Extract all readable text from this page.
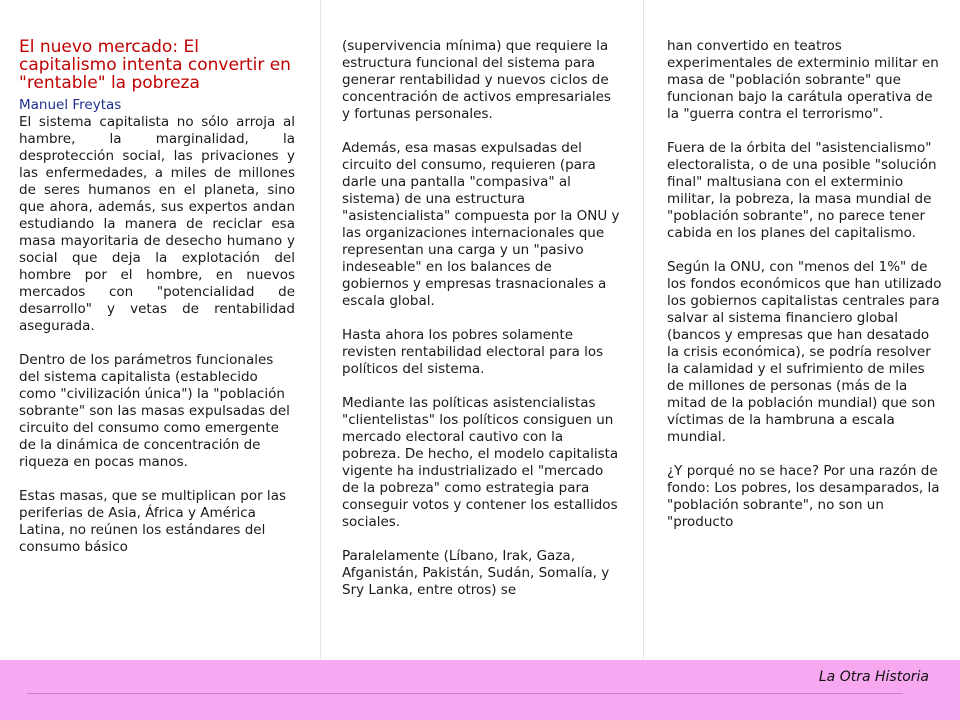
El nuevo mercado: El capitalismo intenta convertir en "rentable" la pobreza
Manuel Freytas

El sistema capitalista no sólo arroja al hambre, la marginalidad, la desprotección social, las privaciones y las enfermedades, a miles de millones de seres humanos en el planeta, sino que ahora, además, sus expertos andan estudiando la manera de reciclar esa masa mayoritaria de desecho humano y social que deja la explotación del hombre por el hombre, en nuevos mercados con "potencialidad de desarrollo" y vetas de rentabilidad asegurada.

Dentro de los parámetros funcionales del sistema capitalista (establecido como "civilización única") la "población sobrante" son las masas expulsadas del circuito del consumo como emergente de la dinámica de concentración de riqueza en pocas manos.

Estas masas, que se multiplican por las periferias de Asia, África y América Latina, no reúnen los estándares del consumo básico

(supervivencia mínima) que requiere la estructura funcional del sistema para generar rentabilidad y nuevos ciclos de concentración de activos empresariales y fortunas personales.

Además, esa masas expulsadas del circuito del consumo, requieren (para darle una pantalla "compasiva" al sistema) de una estructura "asistencialista" compuesta por la ONU y las organizaciones internacionales que representan una carga y un "pasivo indeseable" en los balances de gobiernos y empresas trasnacionales a escala global.

Hasta ahora los pobres solamente revisten rentabilidad electoral para los políticos del sistema.

Mediante las políticas asistencialistas "clientelistas" los políticos consiguen un mercado electoral cautivo con la pobreza. De hecho, el modelo capitalista vigente ha industrializado el "mercado de la pobreza" como estrategia para conseguir votos y contener los estallidos sociales.

Paralelamente (Líbano, Irak, Gaza, Afganistán, Pakistán, Sudán, Somalía, y Sry Lanka, entre otros) se

han convertido en teatros experimentales de exterminio militar en masa de "población sobrante" que funcionan bajo la carátula operativa de la "guerra contra el terrorismo".

Fuera de la órbita del "asistencialismo" electoralista, o de una posible "solución final" maltusiana con el exterminio militar, la pobreza, la masa mundial de "población sobrante", no parece tener cabida en los planes del capitalismo.

Según la ONU, con "menos del 1%" de los fondos económicos que han utilizado los gobiernos capitalistas centrales para salvar al sistema financiero global (bancos y empresas que han desatado la crisis económica), se podría resolver la calamidad y el sufrimiento de miles de millones de personas (más de la mitad de la población mundial) que son víctimas de la hambruna a escala mundial.

¿Y porqué no se hace? Por una razón de fondo: Los pobres, los desamparados, la "población sobrante", no son un "producto

La Otra Historia
